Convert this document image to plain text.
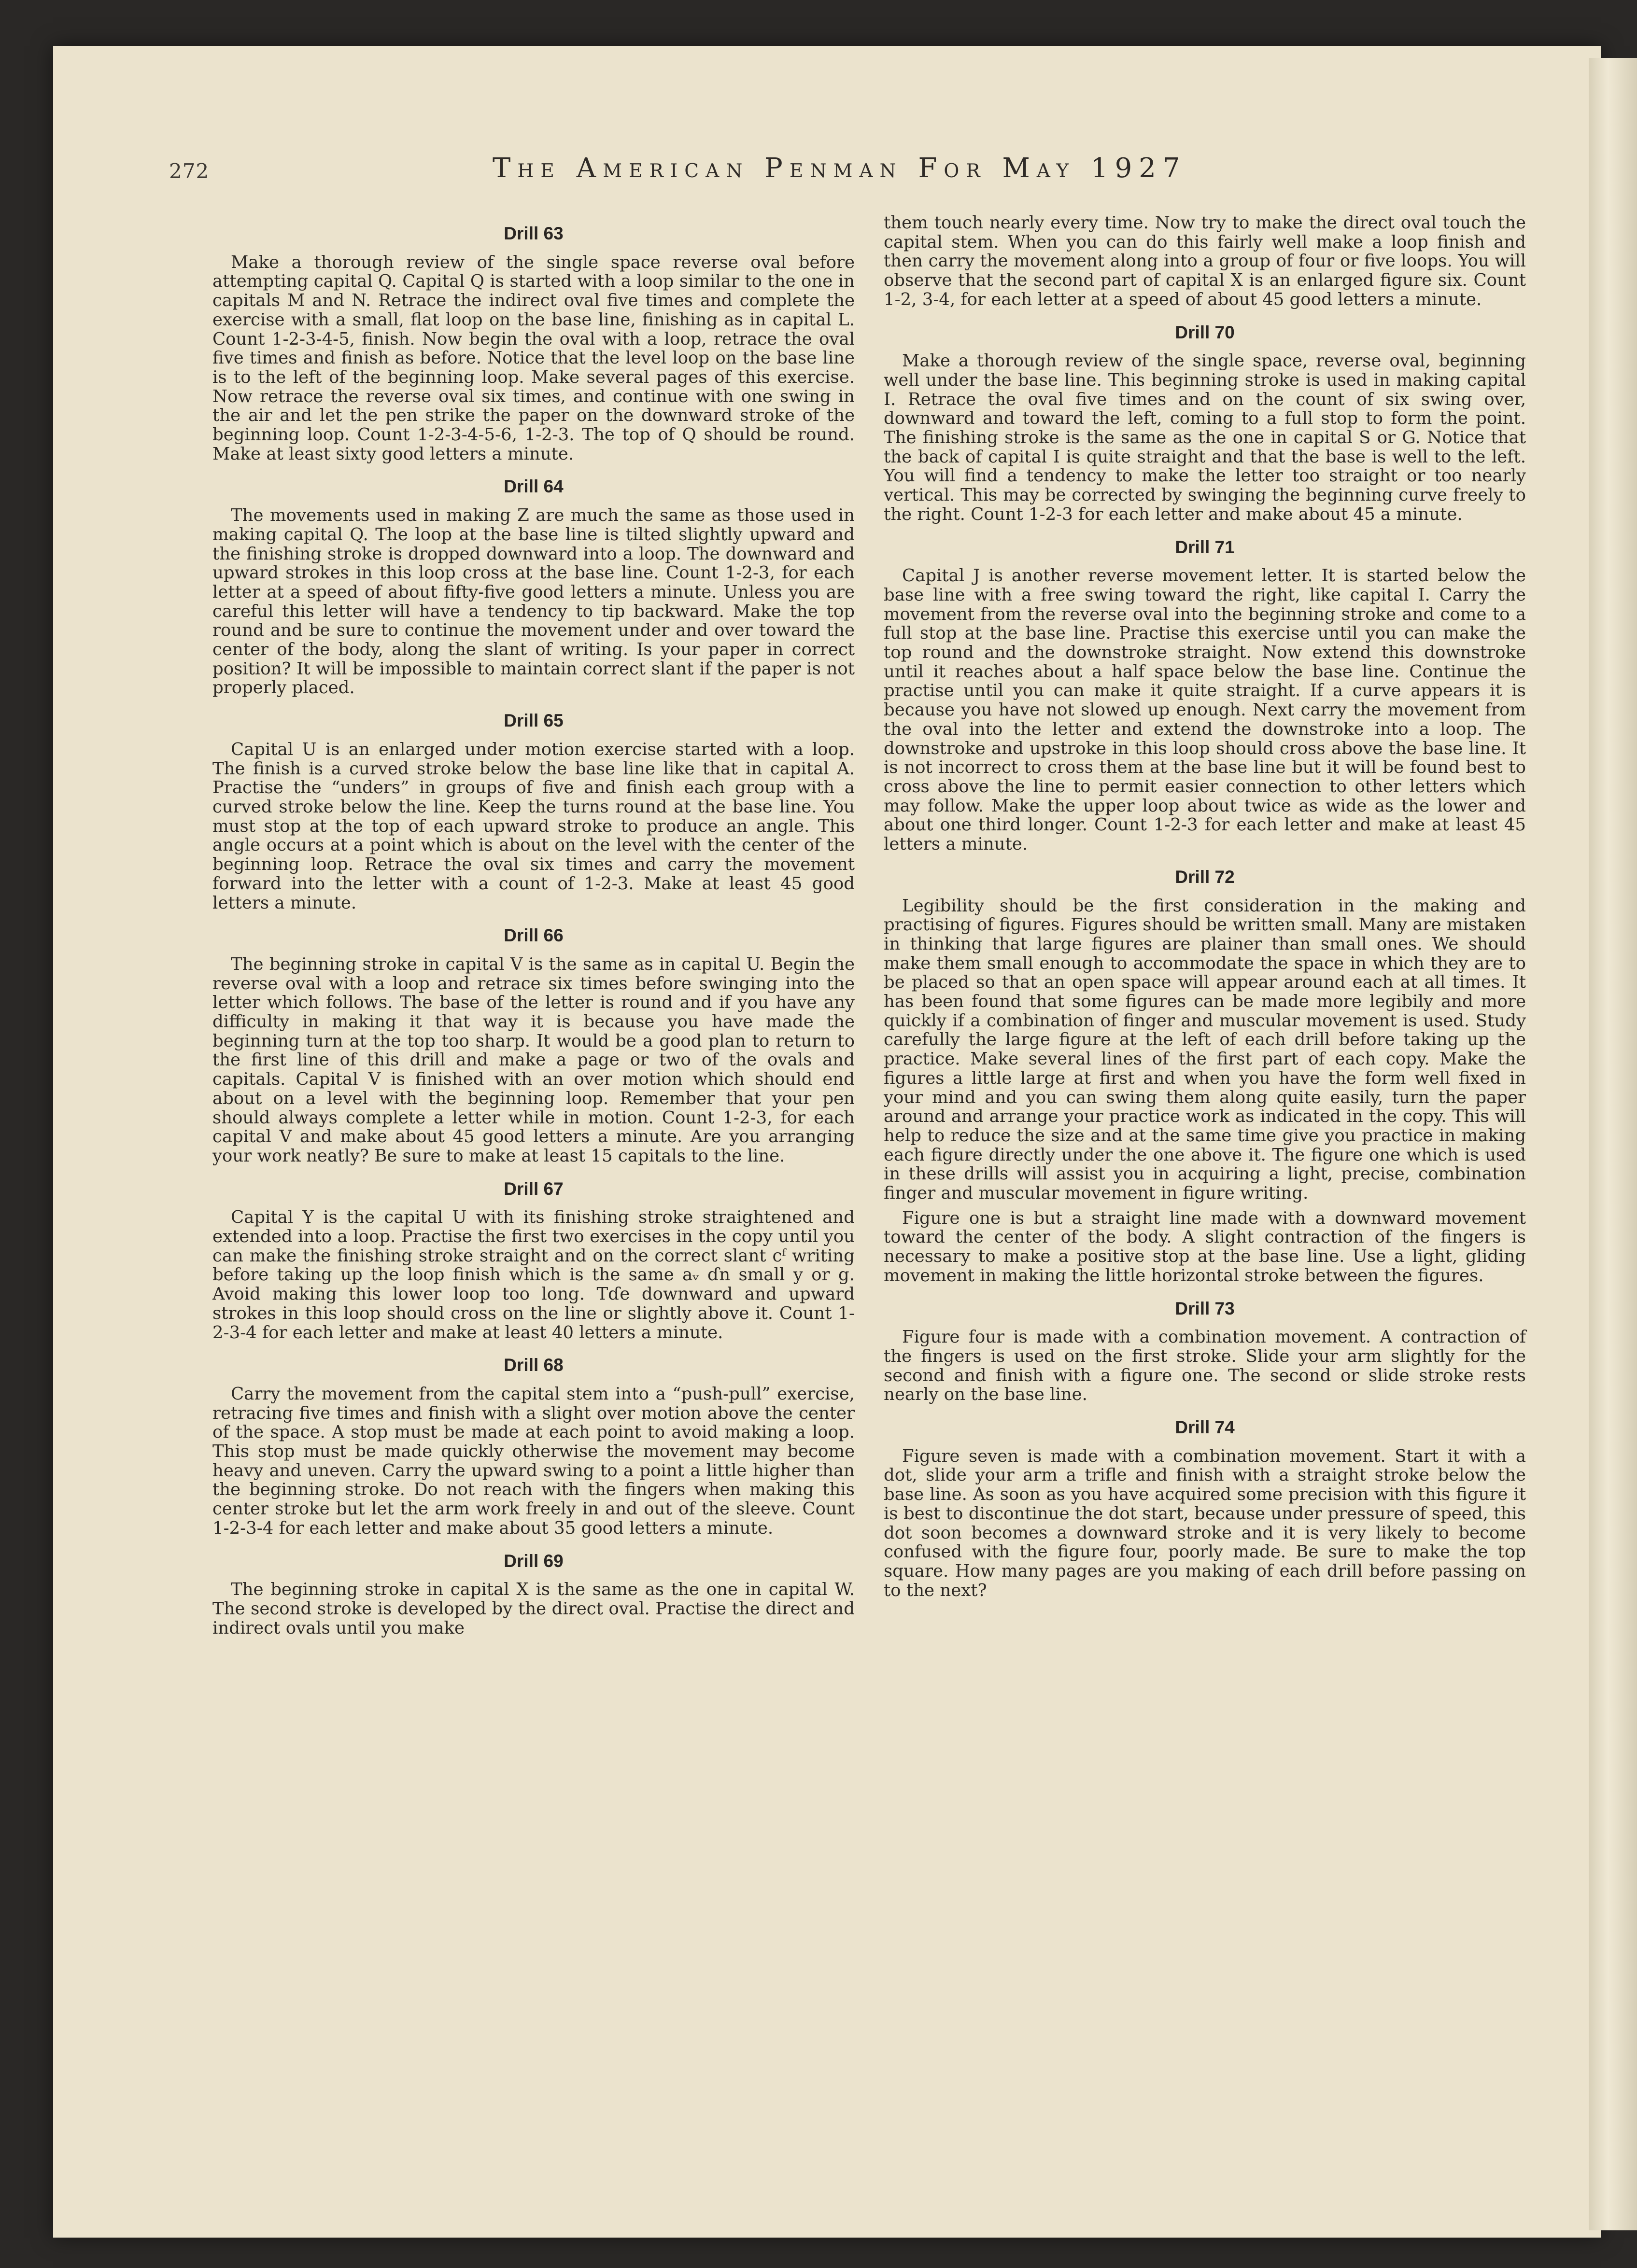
272	The American Penman For May 1927
Drill 63

Make a thorough review of the single space reverse oval before attempting capital Q. Capital Q is started with a loop similar to the one in capitals M and N. Retrace the indirect oval five times and complete the exercise with a small, flat loop on the base line, finishing as in capital L. Count 1-2-3-4-5, finish. Now begin the oval with a loop, retrace the oval five times and finish as before. Notice that the level loop on the base line is to the left of the beginning loop. Make several pages of this exercise. Now retrace the reverse oval six times, and continue with one swing in the air and let the pen strike the paper on the downward stroke of the beginning loop. Count 1-2-3-4-5-6, 1-2-3. The top of Q should be round. Make at least sixty good letters a minute.

Drill 64

The movements used in making Z are much the same as those used in making capital Q. The loop at the base line is tilted slightly upward and the finishing stroke is dropped downward into a loop. The downward and upward strokes in this loop cross at the base line. Count 1-2-3, for each letter at a speed of about fifty-five good letters a minute. Unless you are careful this letter will have a tendency to tip backward. Make the top round and be sure to continue the movement under and over toward the center of the body, along the slant of writing. Is your paper in correct position? It will be impossible to maintain correct slant if the paper is not properly placed.

Drill 65

Capital U is an enlarged under motion exercise started with a loop. The finish is a curved stroke below the base line like that in capital A. Practise the “unders” in groups of five and finish each group with a curved stroke below the line. Keep the turns round at the base line. You must stop at the top of each upward stroke to produce an angle. This angle occurs at a point which is about on the level with the center of the beginning loop. Retrace the oval six times and carry the movement forward into the letter with a count of 1-2-3. Make at least 45 good letters a minute.

Drill 66

The beginning stroke in capital V is the same as in capital U. Begin the reverse oval with a loop and retrace six times before swinging into the letter which follows. The base of the letter is round and if you have any difficulty in making it that way it is because you have made the beginning turn at the top too sharp. It would be a good plan to return to the first line of this drill and make a page or two of the ovals and capitals. Capital V is finished with an over motion which should end about on a level with the beginning loop. Remember that your pen should always complete a letter while in motion. Count 1-2-3, for each capital V and make about 45 good letters a minute. Are you arranging your work neatly? Be sure to make at least 15 capitals to the line.

Drill 67

Capital Y is the capital U with its finishing stroke straightened and extended into a loop. Practise the first two exercises in the copy until you can make the finishing stroke straight and on the correct slant cᶠ writing before taking up the loop finish which is the same aᵥ ɗn small y or g. Avoid making this lower loop too long. Tɗe downward and upward strokes in this loop should cross on the line or slightly above it. Count 1-2-3-4 for each letter and make at least 40 letters a minute.

Drill 68

Carry the movement from the capital stem into a “push-pull” exercise, retracing five times and finish with a slight over motion above the center of the space. A stop must be made at each point to avoid making a loop. This stop must be made quickly otherwise the movement may become heavy and uneven. Carry the upward swing to a point a little higher than the beginning stroke. Do not reach with the fingers when making this center stroke but let the arm work freely in and out of the sleeve. Count 1-2-3-4 for each letter and make about 35 good letters a minute.

Drill 69

The beginning stroke in capital X is the same as the one in capital W. The second stroke is developed by the direct oval. Practise the direct and indirect ovals until you make

them touch nearly every time. Now try to make the direct oval touch the capital stem. When you can do this fairly well make a loop finish and then carry the movement along into a group of four or five loops. You will observe that the second part of capital X is an enlarged figure six. Count 1-2, 3-4, for each letter at a speed of about 45 good letters a minute.

Drill 70

Make a thorough review of the single space, reverse oval, beginning well under the base line. This beginning stroke is used in making capital I. Retrace the oval five times and on the count of six swing over, downward and toward the left, coming to a full stop to form the point. The finishing stroke is the same as the one in capital S or G. Notice that the back of capital I is quite straight and that the base is well to the left. You will find a tendency to make the letter too straight or too nearly vertical. This may be corrected by swinging the beginning curve freely to the right. Count 1-2-3 for each letter and make about 45 a minute.

Drill 71

Capital J is another reverse movement letter. It is started below the base line with a free swing toward the right, like capital I. Carry the movement from the reverse oval into the beginning stroke and come to a full stop at the base line. Practise this exercise until you can make the top round and the downstroke straight. Now extend this downstroke until it reaches about a half space below the base line. Continue the practise until you can make it quite straight. If a curve appears it is because you have not slowed up enough. Next carry the movement from the oval into the letter and extend the downstroke into a loop. The downstroke and upstroke in this loop should cross above the base line. It is not incorrect to cross them at the base line but it will be found best to cross above the line to permit easier connection to other letters which may follow. Make the upper loop about twice as wide as the lower and about one third longer. Count 1-2-3 for each letter and make at least 45 letters a minute.

Drill 72

Legibility should be the first consideration in the making and practising of figures. Figures should be written small. Many are mistaken in thinking that large figures are plainer than small ones. We should make them small enough to accommodate the space in which they are to be placed so that an open space will appear around each at all times. It has been found that some figures can be made more legibily and more quickly if a combination of finger and muscular movement is used. Study carefully the large figure at the left of each drill before taking up the practice. Make several lines of the first part of each copy. Make the figures a little large at first and when you have the form well fixed in your mind and you can swing them along quite easily, turn the paper around and arrange your practice work as indicated in the copy. This will help to reduce the size and at the same time give you practice in making each figure directly under the one above it. The figure one which is used in these drills will assist you in acquiring a light, precise, combination finger and muscular movement in figure writing.

Figure one is but a straight line made with a downward movement toward the center of the body. A slight contraction of the fingers is necessary to make a positive stop at the base line. Use a light, gliding movement in making the little horizontal stroke between the figures.

Drill 73

Figure four is made with a combination movement. A contraction of the fingers is used on the first stroke. Slide your arm slightly for the second and finish with a figure one. The second or slide stroke rests nearly on the base line.

Drill 74

Figure seven is made with a combination movement. Start it with a dot, slide your arm a trifle and finish with a straight stroke below the base line. As soon as you have acquired some precision with this figure it is best to discontinue the dot start, because under pressure of speed, this dot soon becomes a downward stroke and it is very likely to become confused with the figure four, poorly made. Be sure to make the top square. How many pages are you making of each drill before passing on to the next?
